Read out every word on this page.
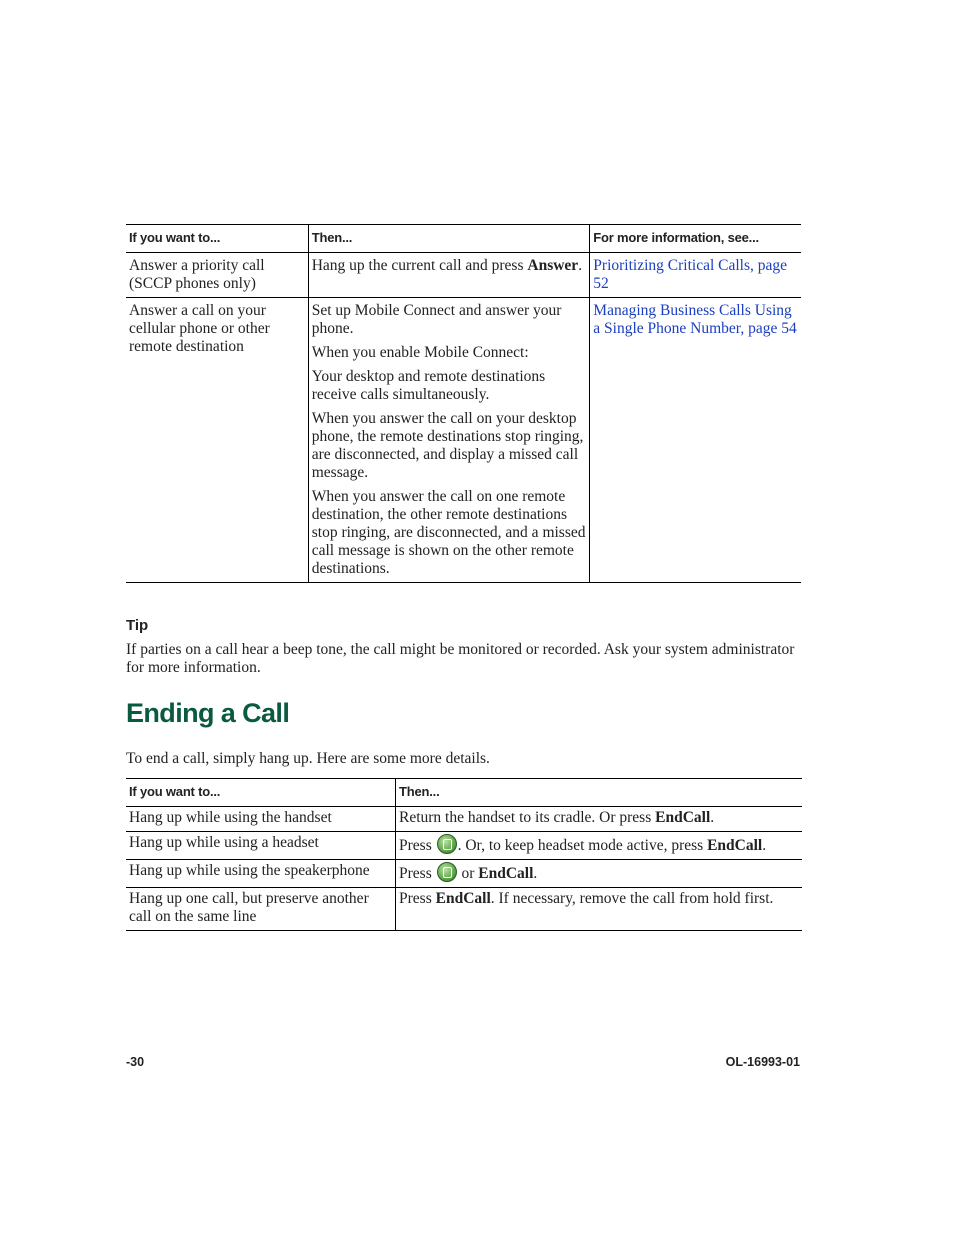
If you want to...	Then...	For more information, see...
Answer a priority call (SCCP phones only)	Hang up the current call and press Answer.	Prioritizing Critical Calls, page 52
Answer a call on your cellular phone or other remote destination	Set up Mobile Connect and answer your phone.

When you enable Mobile Connect:

Your desktop and remote destinations receive calls simultaneously.

When you answer the call on your desktop phone, the remote destinations stop ringing, are disconnected, and display a missed call message.

When you answer the call on one remote destination, the other remote destinations stop ringing, are disconnected, and a missed call message is shown on the other remote destinations.	Managing Business Calls Using a Single Phone Number, page 54
Tip

If parties on a call hear a beep tone, the call might be monitored or recorded. Ask your system administrator for more information.

Ending a Call

To end a call, simply hang up. Here are some more details.

If you want to...	Then...
Hang up while using the handset	Return the handset to its cradle. Or press EndCall.
Hang up while using a headset	Press
. Or, to keep headset mode active, press EndCall.
Hang up while using the speakerphone	Press
or EndCall.
Hang up one call, but preserve another call on the same line	Press EndCall. If necessary, remove the call from hold first.
-30	OL-16993-01
